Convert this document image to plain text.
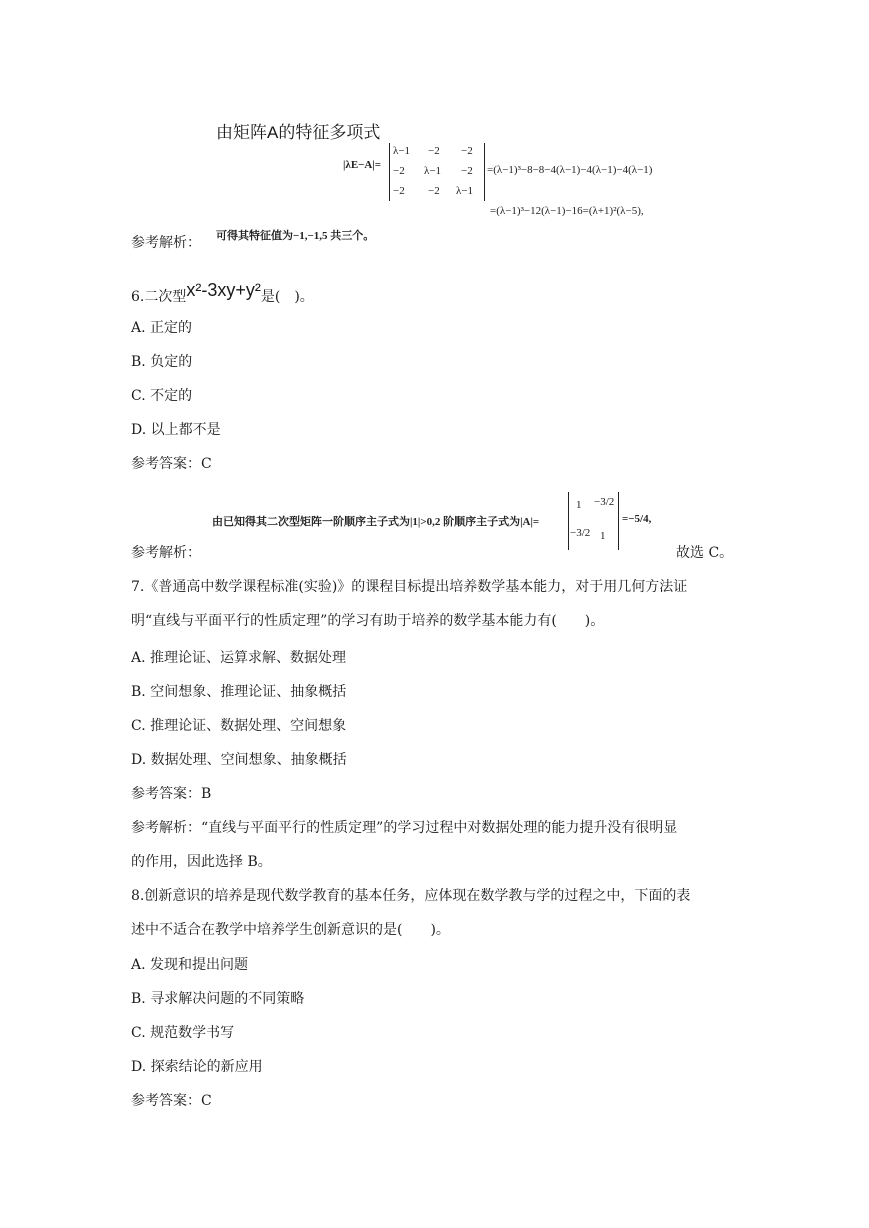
由矩阵A的特征多项式
|λE−A|=
λ−1 −2 −2
−2 λ−1 −2
−2 −2 λ−1
=(λ−1)³−8−8−4(λ−1)−4(λ−1)−4(λ−1)
=(λ−1)³−12(λ−1)−16=(λ+1)²(λ−5),
可得其特征值为−1,−1,5 共三个。
参考解析：
6.二次型x²-3xy+y²是(　)。
A. 正定的
B. 负定的
C. 不定的
D. 以上都不是
参考答案：C
由已知得其二次型矩阵一阶顺序主子式为|1|>0,2 阶顺序主子式为|A|=
1 −3/2
−3/2 1
=−5/4,
参考解析：	故选 C。
7.《普通高中数学课程标准(实验)》的课程目标提出培养数学基本能力，对于用几何方法证
明“直线与平面平行的性质定理”的学习有助于培养的数学基本能力有(　　)。
A. 推理论证、运算求解、数据处理
B. 空间想象、推理论证、抽象概括
C. 推理论证、数据处理、空间想象
D. 数据处理、空间想象、抽象概括
参考答案：B
参考解析：“直线与平面平行的性质定理”的学习过程中对数据处理的能力提升没有很明显
的作用，因此选择 B。
8.创新意识的培养是现代数学教育的基本任务，应体现在数学教与学的过程之中，下面的表
述中不适合在教学中培养学生创新意识的是(　　)。
A. 发现和提出问题
B. 寻求解决问题的不同策略
C. 规范数学书写
D. 探索结论的新应用
参考答案：C
